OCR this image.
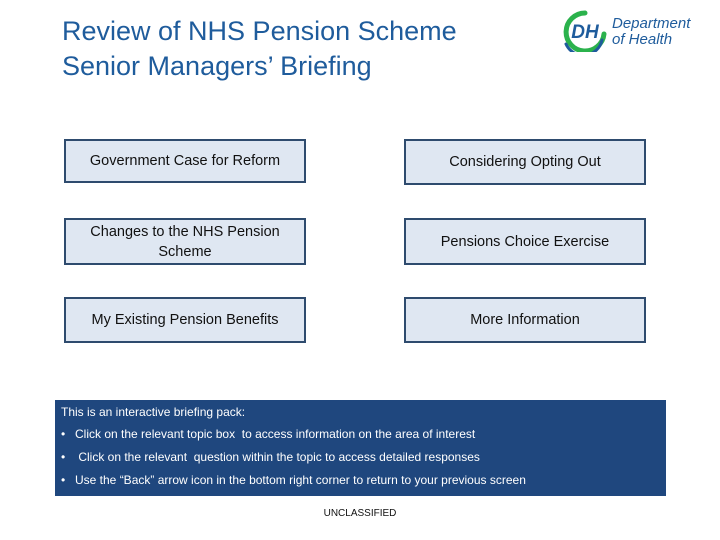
Review of NHS Pension Scheme
Senior Managers’ Briefing
DH Department
of Health
Government Case for Reform
Changes to the NHS Pension Scheme
My Existing Pension Benefits
Considering Opting Out
Pensions Choice Exercise
More Information
This is an interactive briefing pack:
• Click on the relevant topic box  to access information on the area of interest
•  Click on the relevant  question within the topic to access detailed responses
• Use the “Back” arrow icon in the bottom right corner to return to your previous screen
UNCLASSIFIED
